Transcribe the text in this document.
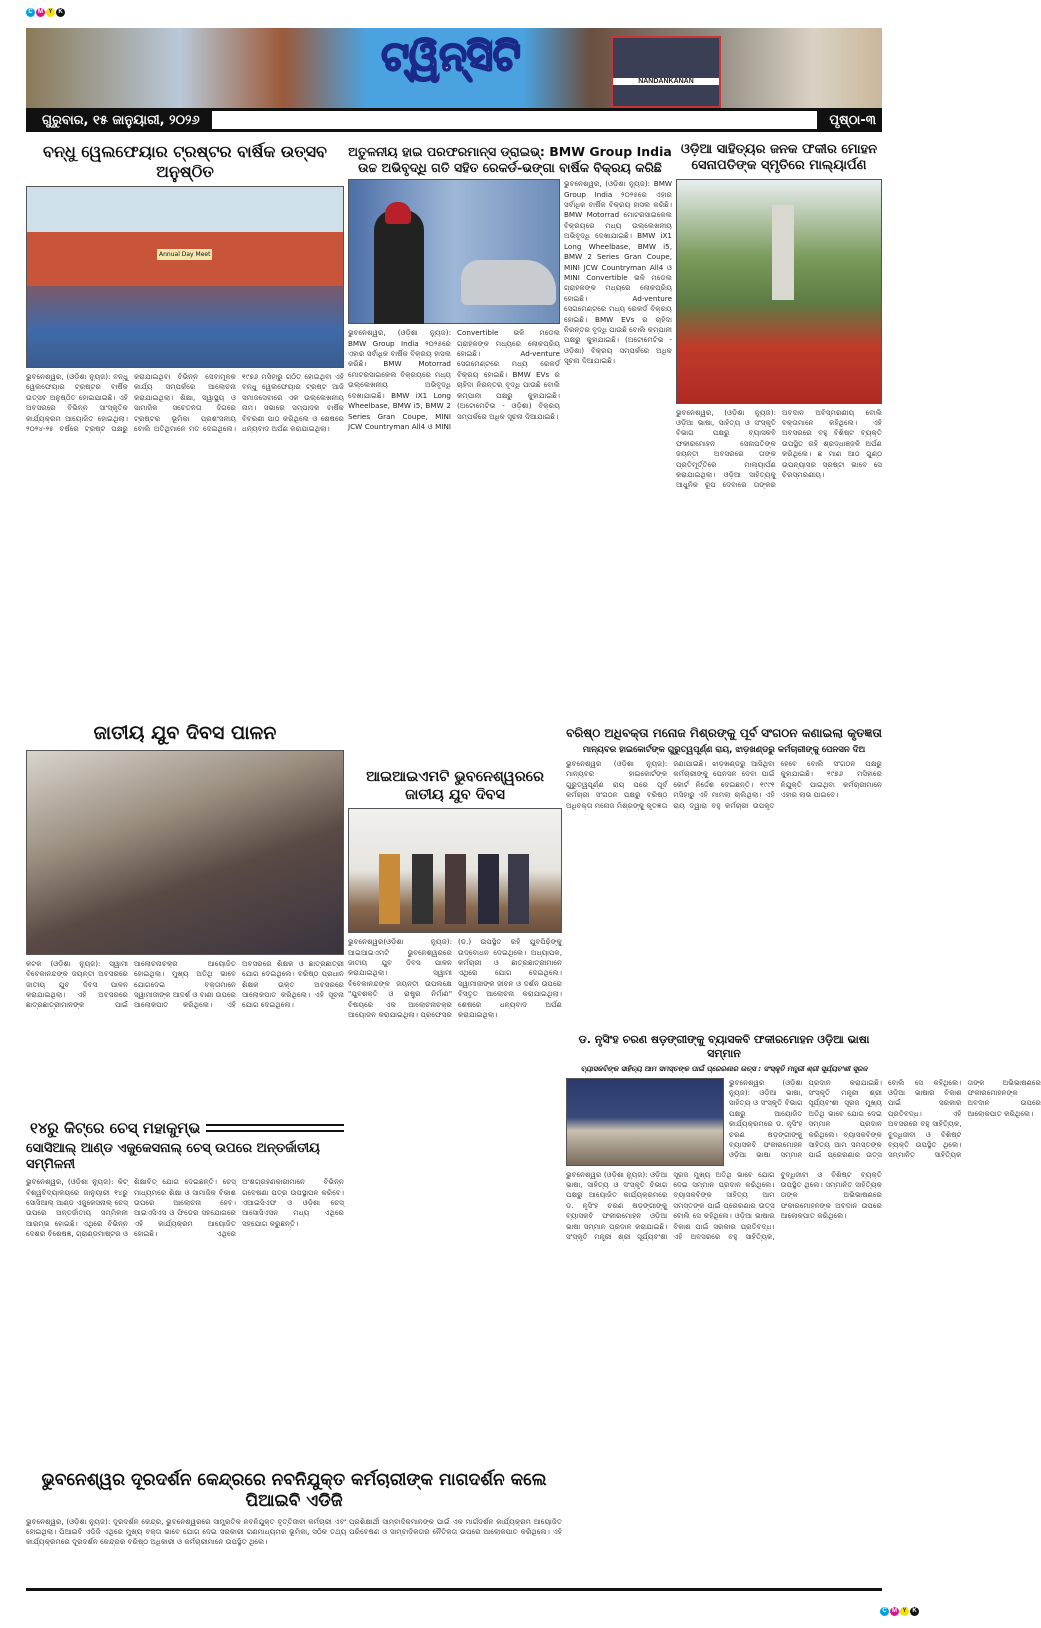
C M Y K
ଟ୍ୱିନ୍‌ସିଟି
NANDANKANAN
ଗୁରୁବାର, ୧୫ ଜାନୁୟାରୀ, ୨୦୨୬	ପୃଷ୍ଠା-୩
ବନ୍ଧୁ ୱେଲଫେୟାର ଟ୍ରଷ୍ଟର ବାର୍ଷିକ ଉତ୍ସବ ଅନୁଷ୍ଠିତ
Annual Day Meet
ଭୁବନେଶ୍ୱର, (ଓଡ଼ିଶା ନ୍ୟୁଜ): ବନ୍ଧୁ ୱେଲଫେୟାର ଟ୍ରଷ୍ଟର ବାର୍ଷିକ ଉତ୍ସବ ଅନୁଷ୍ଠିତ ହୋଇଯାଇଛି। ଏହି ଅବସରରେ ବିଭିନ୍ନ ସାଂସ୍କୃତିକ କାର୍ଯ୍ୟକ୍ରମ ଆୟୋଜିତ ହୋଇଥିଲା। ୨୦୨୪-୨୫ ବର୍ଷରେ ଟ୍ରଷ୍ଟ ପକ୍ଷରୁ କରାଯାଇଥିବା ବିଭିନ୍ନ ସେବାମୂଳକ କାର୍ଯ୍ୟ ସମ୍ପର୍କରେ ଆଲୋଚନା କରାଯାଇଥିଲା। ଶିକ୍ଷା, ସ୍ୱାସ୍ଥ୍ୟ ଓ ସାମାଜିକ ସଚେତନତା ଦିଗରେ ଟ୍ରଷ୍ଟର ଭୂମିକା ପ୍ରଶଂସନୀୟ ବୋଲି ଅତିଥିମାନେ ମତ ଦେଇଥିଲେ। ୧୯୭୬ ମସିହାରୁ ଗଠିତ ହୋଇଥିବା ଏହି ବନ୍ଧୁ ୱେଲଫେୟାର ଟ୍ରଷ୍ଟ ଆଜି ସମାଜସେବାରେ ଏକ ଉଲ୍ଲେଖନୀୟ ନାମ। ସଭାରେ ସମ୍ପାଦକ ବାର୍ଷିକ ବିବରଣୀ ପାଠ କରିଥିଲେ ଓ ଶେଷରେ ଧନ୍ୟବାଦ ଅର୍ପଣ କରାଯାଇଥିଲା।
ଅତୁଳନୀୟ ହାଇ ପରଫରମାନ୍ସ ଡ୍ରାଇଭ୍: BMW Group India ଉଚ୍ଚ ଅଭିବୃଦ୍ଧି ଗତି ସହିତ ରେକର୍ଡ-ଭଙ୍ଗା ବାର୍ଷିକ ବିକ୍ରୟ କରିଛି
ଭୁବନେଶ୍ୱର, (ଓଡ଼ିଶା ନ୍ୟୁଜ): BMW Group India ୨୦୨୫ରେ ଏହାର ସର୍ବାଧିକ ବାର୍ଷିକ ବିକ୍ରୟ ହାସଲ କରିଛି। BMW Motorrad ମୋଟରସାଇକେଲ ବିକ୍ରୟରେ ମଧ୍ୟ ଉଲ୍ଲେଖନୀୟ ଅଭିବୃଦ୍ଧି ଦେଖାଯାଇଛି। BMW iX1 Long Wheelbase, BMW i5, BMW 2 Series Gran Coupe, MINI JCW Countryman All4 ଓ MINI Convertible ଭଳି ମଡେଲ ଗ୍ରାହକଙ୍କ ମଧ୍ୟରେ ଲୋକପ୍ରିୟ ହୋଇଛି। Ad-venture ସେଗମେଣ୍ଟରେ ମଧ୍ୟ ରେକର୍ଡ ବିକ୍ରୟ ହୋଇଛି। BMW EVs ର ଚାହିଦା ନିରନ୍ତର ବୃଦ୍ଧି ପାଉଛି ବୋଲି କମ୍ପାନୀ ପକ୍ଷରୁ କୁହାଯାଇଛି। (ଅଟୋମେଟିଭ - ଓଡ଼ିଶା) ବିକ୍ରୟ ସମ୍ପର୍କରେ ଅଧିକ ସୂଚନା ଦିଆଯାଇଛି।
ଭୁବନେଶ୍ୱର, (ଓଡ଼ିଶା ନ୍ୟୁଜ): BMW Group India ୨୦୨୫ରେ ଏହାର ସର୍ବାଧିକ ବାର୍ଷିକ ବିକ୍ରୟ ହାସଲ କରିଛି। BMW Motorrad ମୋଟରସାଇକେଲ ବିକ୍ରୟରେ ମଧ୍ୟ ଉଲ୍ଲେଖନୀୟ ଅଭିବୃଦ୍ଧି ଦେଖାଯାଇଛି। BMW iX1 Long Wheelbase, BMW i5, BMW 2 Series Gran Coupe, MINI JCW Countryman All4 ଓ MINI Convertible ଭଳି ମଡେଲ ଗ୍ରାହକଙ୍କ ମଧ୍ୟରେ ଲୋକପ୍ରିୟ ହୋଇଛି। Ad-venture ସେଗମେଣ୍ଟରେ ମଧ୍ୟ ରେକର୍ଡ ବିକ୍ରୟ ହୋଇଛି। BMW EVs ର ଚାହିଦା ନିରନ୍ତର ବୃଦ୍ଧି ପାଉଛି ବୋଲି କମ୍ପାନୀ ପକ୍ଷରୁ କୁହାଯାଇଛି। (ଅଟୋମେଟିଭ - ଓଡ଼ିଶା) ବିକ୍ରୟ ସମ୍ପର୍କରେ ଅଧିକ ସୂଚନା ଦିଆଯାଇଛି।
ଓଡ଼ିଆ ସାହିତ୍ୟର ଜନକ ଫକୀର ମୋହନ ସେନାପତିଙ୍କ ସ୍ମୃତିରେ ମାଲ୍ୟାର୍ପଣ
ଭୁବନେଶ୍ୱର, (ଓଡ଼ିଶା ନ୍ୟୁଜ): ଓଡ଼ିଆ ଭାଷା, ସାହିତ୍ୟ ଓ ସଂସ୍କୃତି ବିଭାଗ ପକ୍ଷରୁ ବ୍ୟାସକବି ଫକୀରମୋହନ ସେନାପତିଙ୍କ ଜୟନ୍ତୀ ଅବସରରେ ତାଙ୍କ ପ୍ରତିମୂର୍ତ୍ତିରେ ମାଲ୍ୟାର୍ପଣ କରାଯାଇଥିଲା। ଓଡ଼ିଆ ସାହିତ୍ୟକୁ ଆଧୁନିକ ରୂପ ଦେବାରେ ତାଙ୍କର ଅବଦାନ ଅବିସ୍ମରଣୀୟ ବୋଲି ବକ୍ତାମାନେ କହିଥିଲେ। ଏହି ଅବସରରେ ବହୁ ବିଶିଷ୍ଟ ବ୍ୟକ୍ତି ଉପସ୍ଥିତ ରହି ଶ୍ରଦ୍ଧାଞ୍ଜଳି ଅର୍ପଣ କରିଥିଲେ। ଛ ମାଣ ଆଠ ଗୁଣ୍ଠ ଉପନ୍ୟାସର ସ୍ରଷ୍ଟା ଭାବେ ସେ ଚିରସ୍ମରଣୀୟ।
ଜାତୀୟ ଯୁବ ଦିବସ ପାଳନ
କଟକ (ଓଡ଼ିଶା ନ୍ୟୁଜ): ସ୍ୱାମୀ ବିବେକାନନ୍ଦଙ୍କ ଜୟନ୍ତୀ ଅବସରରେ ଜାତୀୟ ଯୁବ ଦିବସ ପାଳନ କରାଯାଇଥିଲା। ଏହି ଅବସରରେ ଛାତ୍ରଛାତ୍ରୀମାନଙ୍କ ପାଇଁ ଆଲୋଚନାଚକ୍ର ଆୟୋଜିତ ହୋଇଥିଲା। ମୁଖ୍ୟ ଅତିଥି ଭାବେ ଯୋଗଦେଇ ବକ୍ତାମାନେ ସ୍ୱାମୀଜୀଙ୍କ ଆଦର୍ଶ ଓ ବାଣୀ ଉପରେ ଆଲୋକପାତ କରିଥିଲେ। ଏହି ଅବସରରେ ଶିକ୍ଷକ ଓ ଛାତ୍ରଛାତ୍ରୀ ଯୋଗ ଦେଇଥିଲେ। ବରିଷ୍ଠ ପ୍ରଧାନ ଶିକ୍ଷକ ଉକ୍ତ ଅବସରରେ ଆଲୋକପାତ କରିଥିଲେ। ଏହି ସୂଚନା ଯୋଗ ଦେଇଥିଲେ।
୧୪ରୁ କିଟ୍‌ରେ ଚେସ୍ ମହାକୁମ୍ଭ
ସୋସିଆଲ୍ ଆଣ୍ଡ ଏଜୁକେସନାଲ୍ ଚେସ୍ ଉପରେ ଅନ୍ତର୍ଜାତୀୟ ସମ୍ମିଳନୀ
ଭୁବନେଶ୍ୱର, (ଓଡ଼ିଶା ନ୍ୟୁଜ): କିଟ୍ ବିଶ୍ୱବିଦ୍ୟାଳୟରେ ଜାନୁୟାରୀ ୧୪ରୁ ସୋସିଆଲ୍ ଆଣ୍ଡ ଏଜୁକେସନାଲ୍ ଚେସ୍ ଉପରେ ଅନ୍ତର୍ଜାତୀୟ ସମ୍ମିଳନୀ ଆରମ୍ଭ ହୋଇଛି। ଏଥିରେ ବିଭିନ୍ନ ଦେଶର ବିଶେଷଜ୍ଞ, ଗ୍ରାଣ୍ଡମାଷ୍ଟର ଓ ଶିକ୍ଷାବିତ୍ ଯୋଗ ଦେଇଛନ୍ତି। ଚେସ୍ ମାଧ୍ୟମରେ ଶିକ୍ଷା ଓ ସାମାଜିକ ବିକାଶ ଉପରେ ଆଲୋଚନା ହେବ। ଆଇଏସିଏସ ଓ ଫିଡେର ସହଯୋଗରେ ଏହି କାର୍ଯ୍ୟକ୍ରମ ଆୟୋଜିତ ହୋଇଛି। ଏଥିରେ ଅଂଶଗ୍ରହଣକାରୀମାନେ ବିଭିନ୍ନ ଗବେଷଣା ପତ୍ର ଉପସ୍ଥାପନ କରିବେ। ଏଆଇସିଏଫ ଓ ଓଡ଼ିଶା ଚେସ୍ ଆସୋସିଏସନ ମଧ୍ୟ ଏଥିରେ ସହଯୋଗ କରୁଛନ୍ତି।
ଆଇଆଇଏମଟି ଭୁବନେଶ୍ୱରରେ ଜାତୀୟ ଯୁବ ଦିବସ
ଭୁବନେଶ୍ୱର(ଓଡ଼ିଶା ନ୍ୟୁଜ): ଆଇଆଇଏମଟି ଭୁବନେଶ୍ୱରରେ ଜାତୀୟ ଯୁବ ଦିବସ ପାଳନ କରାଯାଇଥିଲା। ସ୍ୱାମୀ ବିବେକାନନ୍ଦଙ୍କ ଜୟନ୍ତୀ ଉପଲକ୍ଷେ "ଯୁବଶକ୍ତି ଓ ରାଷ୍ଟ୍ର ନିର୍ମାଣ" ବିଷୟରେ ଏକ ଆଲୋଚନାଚକ୍ର ଆୟୋଜନ କରାଯାଇଥିଲା। ପ୍ରଫେସର (ଡ.) ଉପସ୍ଥିତ ରହି ଯୁବପିଢ଼ିଙ୍କୁ ଉଦ୍‌ବୋଧନ ଦେଇଥିଲେ। ଅଧ୍ୟାପକ, କର୍ମଚାରୀ ଓ ଛାତ୍ରଛାତ୍ରୀମାନେ ଏଥିରେ ଯୋଗ ଦେଇଥିଲେ। ସ୍ୱାମୀଜୀଙ୍କ ଜୀବନ ଓ ଦର୍ଶନ ଉପରେ ବିସ୍ତୃତ ଆଲୋଚନା କରାଯାଇଥିଲା। ଶେଷରେ ଧନ୍ୟବାଦ ଅର୍ପଣ କରାଯାଇଥିଲା।
ବରିଷ୍ଠ ଅଧିବକ୍ତା ମନୋଜ ମିଶ୍ରଙ୍କୁ ପୂର୍ବ ସଂଗଠନ କଣାଇଲା କୃତଜ୍ଞତା
ମାନ୍ୟବର ହାଇକୋର୍ଟଙ୍କ ଗୁରୁତ୍ୱପୂର୍ଣ୍ଣ ରାୟ, ଝାଡ଼ଖଣ୍ଡରୁ କର୍ମଚାରୀଙ୍କୁ ପେନସନ ଦିଅ
ଭୁବନେଶ୍ୱର (ଓଡ଼ିଶା ନ୍ୟୁଜ): ମାନ୍ୟବର ହାଇକୋର୍ଟଙ୍କ ଗୁରୁତ୍ୱପୂର୍ଣ୍ଣ ରାୟ ପରେ ପୂର୍ବ କର୍ମଚାରୀ ସଂଗଠନ ପକ୍ଷରୁ ବରିଷ୍ଠ ଅଧିବକ୍ତା ମନୋଜ ମିଶ୍ରଙ୍କୁ କୃତଜ୍ଞତା ଜଣାଯାଇଛି। ଝାଡ଼ଖଣ୍ଡରୁ ଆସିଥିବା କର୍ମଚାରୀଙ୍କୁ ପେନସନ ଦେବା ପାଇଁ କୋର୍ଟ ନିର୍ଦ୍ଦେଶ ଦେଇଛନ୍ତି। ୧୯୯୧ ମସିହାରୁ ଏହି ମାମଲା ଚାଲିଥିଲା। ଏହି ରାୟ ଦ୍ୱାରା ବହୁ କର୍ମଚାରୀ ଉପକୃତ ହେବେ ବୋଲି ସଂଗଠନ ପକ୍ଷରୁ କୁହାଯାଇଛି। ୧୯୭୬ ମସିହାରେ ନିଯୁକ୍ତି ପାଇଥିବା କର୍ମଚାରୀମାନେ ଏହାର ଲାଭ ପାଇବେ।
ଡ. ନୃସିଂହ ଚରଣ ଷଡ଼ଙ୍ଗୀଙ୍କୁ ବ୍ୟାସକବି ଫକୀରମୋହନ ଓଡ଼ିଆ ଭାଷା ସମ୍ମାନ
ବ୍ୟାସକବିଙ୍କ ସାହିତ୍ୟ ଆମ ସମସ୍ତଙ୍କ ପାଇଁ ପ୍ରେରଣାର ଉତ୍ସ : ସଂସ୍କୃତି ମନ୍ତ୍ରୀ ଶ୍ରୀ ସୂର୍ଯ୍ୟବଂଶୀ ସୂରଜ
ଭୁବନେଶ୍ୱର (ଓଡ଼ିଶା ନ୍ୟୁଜ): ଓଡ଼ିଆ ଭାଷା, ସାହିତ୍ୟ ଓ ସଂସ୍କୃତି ବିଭାଗ ପକ୍ଷରୁ ଆୟୋଜିତ କାର୍ଯ୍ୟକ୍ରମରେ ଡ. ନୃସିଂହ ଚରଣ ଷଡ଼ଙ୍ଗୀଙ୍କୁ ବ୍ୟାସକବି ଫକୀରମୋହନ ଓଡ଼ିଆ ଭାଷା ସମ୍ମାନ ପ୍ରଦାନ କରାଯାଇଛି। ସଂସ୍କୃତି ମନ୍ତ୍ରୀ ଶ୍ରୀ ସୂର୍ଯ୍ୟବଂଶୀ ସୂରଜ ମୁଖ୍ୟ ଅତିଥି ଭାବେ ଯୋଗ ଦେଇ ସମ୍ମାନ ପ୍ରଦାନ କରିଥିଲେ। ବ୍ୟାସକବିଙ୍କ ସାହିତ୍ୟ ଆମ ସମସ୍ତଙ୍କ ପାଇଁ ପ୍ରେରଣାର ଉତ୍ସ ବୋଲି ସେ କହିଥିଲେ। ଓଡ଼ିଆ ଭାଷାର ବିକାଶ ପାଇଁ ସରକାର ପ୍ରତିବଦ୍ଧ। ଏହି ଅବସରରେ ବହୁ ସାହିତ୍ୟିକ, ବୁଦ୍ଧିଜୀବୀ ଓ ବିଶିଷ୍ଟ ବ୍ୟକ୍ତି ଉପସ୍ଥିତ ଥିଲେ। ସମ୍ମାନିତ ସାହିତ୍ୟିକ ତାଙ୍କ ଅଭିଭାଷଣରେ ଫକୀରମୋହନଙ୍କ ଅବଦାନ ଉପରେ ଆଲୋକପାତ କରିଥିଲେ।
ଭୁବନେଶ୍ୱର (ଓଡ଼ିଶା ନ୍ୟୁଜ): ଓଡ଼ିଆ ଭାଷା, ସାହିତ୍ୟ ଓ ସଂସ୍କୃତି ବିଭାଗ ପକ୍ଷରୁ ଆୟୋଜିତ କାର୍ଯ୍ୟକ୍ରମରେ ଡ. ନୃସିଂହ ଚରଣ ଷଡ଼ଙ୍ଗୀଙ୍କୁ ବ୍ୟାସକବି ଫକୀରମୋହନ ଓଡ଼ିଆ ଭାଷା ସମ୍ମାନ ପ୍ରଦାନ କରାଯାଇଛି। ସଂସ୍କୃତି ମନ୍ତ୍ରୀ ଶ୍ରୀ ସୂର୍ଯ୍ୟବଂଶୀ ସୂରଜ ମୁଖ୍ୟ ଅତିଥି ଭାବେ ଯୋଗ ଦେଇ ସମ୍ମାନ ପ୍ରଦାନ କରିଥିଲେ। ବ୍ୟାସକବିଙ୍କ ସାହିତ୍ୟ ଆମ ସମସ୍ତଙ୍କ ପାଇଁ ପ୍ରେରଣାର ଉତ୍ସ ବୋଲି ସେ କହିଥିଲେ। ଓଡ଼ିଆ ଭାଷାର ବିକାଶ ପାଇଁ ସରକାର ପ୍ରତିବଦ୍ଧ। ଏହି ଅବସରରେ ବହୁ ସାହିତ୍ୟିକ, ବୁଦ୍ଧିଜୀବୀ ଓ ବିଶିଷ୍ଟ ବ୍ୟକ୍ତି ଉପସ୍ଥିତ ଥିଲେ। ସମ୍ମାନିତ ସାହିତ୍ୟିକ ତାଙ୍କ ଅଭିଭାଷଣରେ ଫକୀରମୋହନଙ୍କ ଅବଦାନ ଉପରେ ଆଲୋକପାତ କରିଥିଲେ।
ଭୁବନେଶ୍ୱର ଦୂରଦର୍ଶନ କେନ୍ଦ୍ରରେ ନବନିଯୁକ୍ତ କର୍ମଚାରୀଙ୍କ ମାଗଦର୍ଶନ କଲେ ପିଆଇବି ଏଡିଜି
ଭୁବନେଶ୍ୱର, (ଓଡ଼ିଶା ନ୍ୟୁଜ): ଦୂରଦର୍ଶନ କେନ୍ଦ୍ର, ଭୁବନେଶ୍ୱରରେ ସାମ୍ପ୍ରତିକ ନବନିଯୁକ୍ତ ବୃତ୍ତିଜୀବୀ କର୍ମଚାରୀ ଏବଂ ପ୍ରଶିକ୍ଷାର୍ଥୀ ସାମ୍ବାଦିକମାନଙ୍କ ପାଇଁ ଏକ ମାର୍ଗଦର୍ଶନ କାର୍ଯ୍ୟକ୍ରମ ଆୟୋଜିତ ହୋଇଥିଲା। ପିଆଇବି ଏଡିଜି ଏଥିରେ ମୁଖ୍ୟ ବକ୍ତା ଭାବେ ଯୋଗ ଦେଇ ସରକାରୀ ଗଣମାଧ୍ୟମର ଭୂମିକା, ସଠିକ ତଥ୍ୟ ପରିବେଷଣ ଓ ସାମ୍ବାଦିକତାର ନୈତିକତା ଉପରେ ଆଲୋକପାତ କରିଥିଲେ। ଏହି କାର୍ଯ୍ୟକ୍ରମରେ ଦୂରଦର୍ଶନ କେନ୍ଦ୍ରର ବରିଷ୍ଠ ଅଧିକାରୀ ଓ କର୍ମଚାରୀମାନେ ଉପସ୍ଥିତ ଥିଲେ।
C M Y K
